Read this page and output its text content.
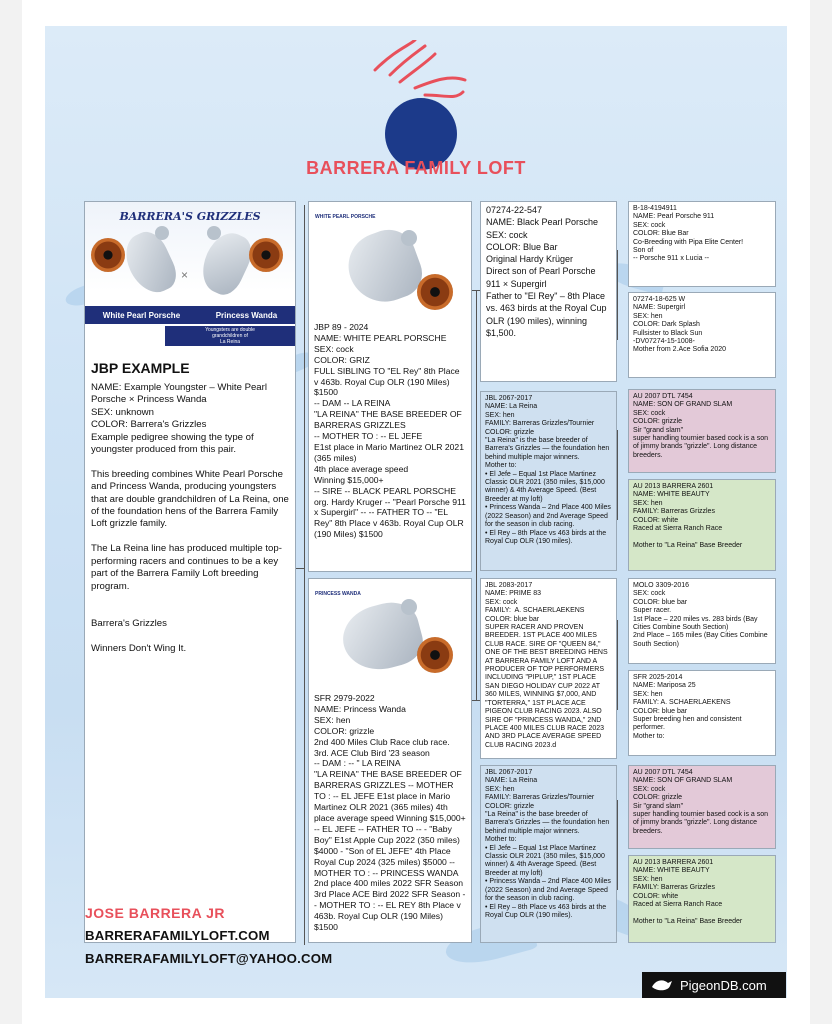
BARRERA FAMILY LOFT
BARRERA'S GRIZZLES
×
White Pearl Porsche	Princess Wanda
Youngsters are double
grandchildren of
La Reina
JBP EXAMPLE
NAME: Example Youngster – White Pearl Porsche × Princess Wanda
SEX: unknown
COLOR: Barrera's Grizzles
Example pedigree showing the type of youngster produced from this pair.

This breeding combines White Pearl Porsche and Princess Wanda, producing youngsters that are double grandchildren of La Reina, one of the foundation hens of the Barrera Family Loft grizzle family.

The La Reina line has produced multiple top-performing racers and continues to be a key part of the Barrera Family Loft breeding program.

Barrera's Grizzles

Winners Don't Wing It.
WHITE PEARL PORSCHE
JBP 89 - 2024
NAME: WHITE PEARL PORSCHE
SEX: cock
COLOR: GRIZ
FULL SIBLING TO "EL Rey" 8th Place v 463b. Royal Cup OLR (190 Miles) $1500
-- DAM -- LA REINA
"LA REINA" THE BASE BREEDER OF BARRERAS GRIZZLES
-- MOTHER TO : -- EL JEFE
E1st place in Mario Martinez OLR 2021 (365 miles)
4th place average speed
Winning $15,000+
-- SIRE -- BLACK PEARL PORSCHE
org. Hardy Kruger -- "Pearl Porsche 911 x Supergirl" -- -- FATHER TO -- "EL Rey" 8th Place v 463b. Royal Cup OLR (190 Miles) $1500
PRINCESS WANDA
SFR 2979-2022
NAME: Princess Wanda
SEX: hen
COLOR: grizzle
2nd 400 Miles Club Race club race. 3rd. ACE Club Bird '23 season
-- DAM : -- " LA REINA
"LA REINA" THE BASE BREEDER OF BARRERAS GRIZZLES -- MOTHER TO : -- EL JEFE E1st place in Mario Martinez OLR 2021 (365 miles) 4th place average speed Winning $15,000+ -- EL JEFE -- FATHER TO -- - "Baby Boy" E1st Apple Cup 2022 (350 miles) $4000 - "Son of EL JEFE" 4th Place Royal Cup 2024 (325 miles) $5000 -- MOTHER TO : -- PRINCESS WANDA 2nd place 400 miles 2022 SFR Season 3rd Place ACE Bird 2022 SFR Season -- MOTHER TO : -- EL REY 8th Place v 463b. Royal Cup OLR (190 Miles) $1500
07274-22-547
NAME: Black Pearl Porsche
SEX: cock
COLOR: Blue Bar
Original Hardy Krüger
Direct son of Pearl Porsche 911 × Supergirl
Father to "El Rey" – 8th Place vs. 463 birds at the Royal Cup OLR (190 miles), winning $1,500.
JBL 2067-2017
NAME: La Reina
SEX: hen
FAMILY: Barreras Grizzles/Tournier
COLOR: grizzle
"La Reina" is the base breeder of Barrera's Grizzles — the foundation hen behind multiple major winners.
Mother to:
• El Jefe – Equal 1st Place Martinez Classic OLR 2021 (350 miles, $15,000 winner) & 4th Average Speed. (Best Breeder at my loft)
• Princess Wanda – 2nd Place 400 Miles (2022 Season) and 2nd Average Speed for the season in club racing.
• El Rey – 8th Place vs 463 birds at the Royal Cup OLR (190 miles).
JBL 2083-2017
NAME: PRIME 83
SEX: cock
FAMILY:  A. SCHAERLAEKENS
COLOR: blue bar
SUPER RACER AND PROVEN BREEDER. 1ST PLACE 400 MILES CLUB RACE. SIRE OF "QUEEN 84," ONE OF THE BEST BREEDING HENS AT BARRERA FAMILY LOFT AND A PRODUCER OF TOP PERFORMERS INCLUDING "PIPLUP," 1ST PLACE SAN DIEGO HOLIDAY CUP 2022 AT 360 MILES, WINNING $7,000, AND "TORTERRA," 1ST PLACE ACE PIGEON CLUB RACING 2023. ALSO SIRE OF "PRINCESS WANDA," 2ND PLACE 400 MILES CLUB RACE 2023 AND 3RD PLACE AVERAGE SPEED CLUB RACING 2023.d
JBL 2067-2017
NAME: La Reina
SEX: hen
FAMILY: Barreras Grizzles/Tournier
COLOR: grizzle
"La Reina" is the base breeder of Barrera's Grizzles — the foundation hen behind multiple major winners.
Mother to:
• El Jefe – Equal 1st Place Martinez Classic OLR 2021 (350 miles, $15,000 winner) & 4th Average Speed. (Best Breeder at my loft)
• Princess Wanda – 2nd Place 400 Miles (2022 Season) and 2nd Average Speed for the season in club racing.
• El Rey – 8th Place vs 463 birds at the Royal Cup OLR (190 miles).
B-18-4194911
NAME: Pearl Porsche 911
SEX: cock
COLOR: Blue Bar
Co-Breeding with Pipa Elite Center!
Son of
-- Porsche 911 x Lucia --
07274-18-625 W
NAME: Supergirl
SEX: hen
COLOR: Dark Splash
Fullsister to Black Sun
-DV07274-15-1008-
Mother from 2.Ace Sofia 2020
AU 2007 DTL 7454
NAME: SON OF GRAND SLAM
SEX: cock
COLOR: grizzle
Sir "grand slam"
super handling tournier based cock is a son of jimmy brands "grizzle". Long distance breeders.
AU 2013 BARRERA 2601
NAME: WHITE BEAUTY
SEX: hen
FAMILY: Barreras Grizzles
COLOR: white
Raced at Sierra Ranch Race

Mother to "La Reina" Base Breeder
MOLO 3309-2016
SEX: cock
COLOR: blue bar
Super racer.
1st Place – 220 miles vs. 283 birds (Bay Cities Combine South Section)
2nd Place – 165 miles (Bay Cities Combine South Section)
SFR 2025-2014
NAME: Mariposa 25
SEX: hen
FAMILY: A. SCHAERLAEKENS
COLOR: blue bar
Super breeding hen and consistent performer.
Mother to:
AU 2007 DTL 7454
NAME: SON OF GRAND SLAM
SEX: cock
COLOR: grizzle
Sir "grand slam"
super handling tournier based cock is a son of jimmy brands "grizzle". Long distance breeders.
AU 2013 BARRERA 2601
NAME: WHITE BEAUTY
SEX: hen
FAMILY: Barreras Grizzles
COLOR: white
Raced at Sierra Ranch Race

Mother to "La Reina" Base Breeder
JOSE BARRERA JR
BARRERAFAMILYLOFT.COM
BARRERAFAMILYLOFT@YAHOO.COM
PigeonDB.com
